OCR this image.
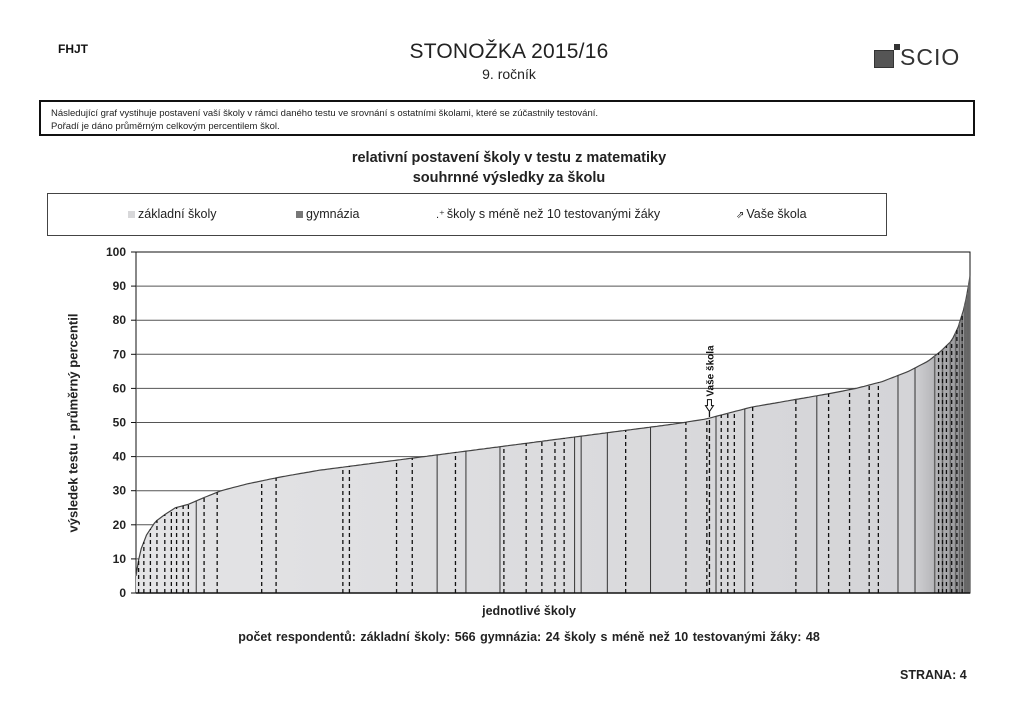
FHJT	STONOŽKA 2015/16
9. ročník
SCIO
Následující graf vystihuje postavení vaší školy v rámci daného testu ve srovnání s ostatními školami, které se zúčastnily testování.
Pořadí je dáno průměrným celkovým percentilem škol.
relativní postavení školy v testu z matematiky
souhrnné výsledky za školu
základní školy	gymnázia	.⁺ školy s méně než 10 testovanými žáky	⇗ Vaše škola
výsledek testu - průměrný percentil
0
10
20
30
40
50
60
70
80
90
100
Vaše škola
jednotlivé školy
počet respondentů: základní školy: 566 gymnázia: 24 školy s méně než 10 testovanými žáky: 48
STRANA: 4
